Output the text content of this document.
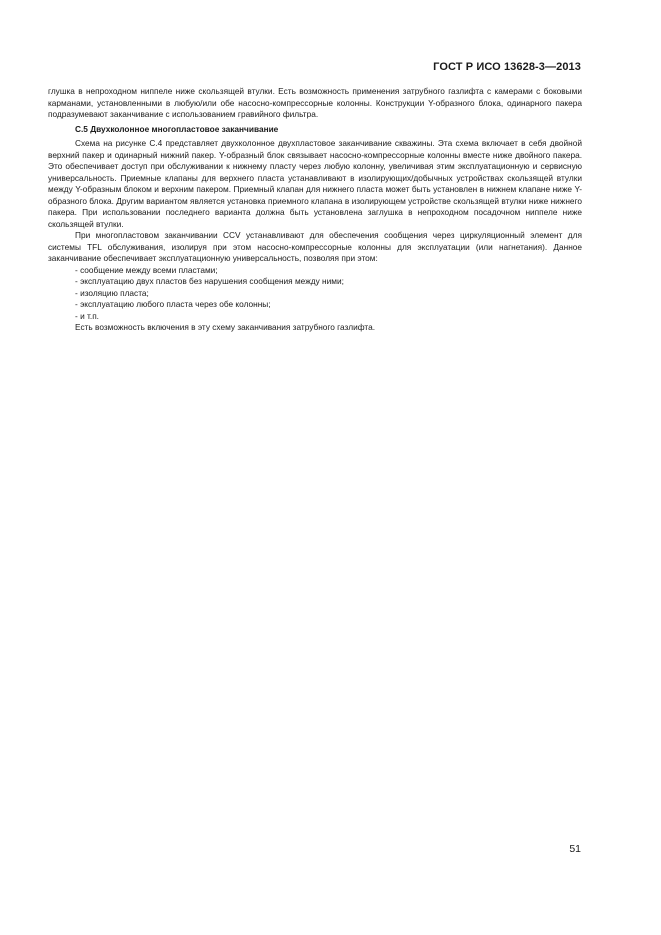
ГОСТ Р ИСО 13628-3—2013

глушка в непроходном ниппеле ниже скользящей втулки. Есть возможность применения затрубного газлифта с камерами с боковыми карманами, установленными в любую/или обе насосно-компрессорные колонны. Конструкции Y-образного блока, одинарного пакера подразумевают заканчивание с использованием гравийного фильтра.

С.5 Двухколонное многопластовое заканчивание

Схема на рисунке С.4 представляет двухколонное двухпластовое заканчивание скважины. Эта схема включает в себя двойной верхний пакер и одинарный нижний пакер. Y-образный блок связывает насосно-компрессорные колонны вместе ниже двойного пакера. Это обеспечивает доступ при обслуживании к нижнему пласту через любую колонну, увеличивая этим эксплуатационную и сервисную универсальность. Приемные клапаны для верхнего пласта устанавливают в изолирующих/добычных устройствах скользящей втулки между Y-образным блоком и верхним пакером. Приемный клапан для нижнего пласта может быть установлен в нижнем клапане ниже Y-образного блока. Другим вариантом является установка приемного клапана в изолирующем устройстве скользящей втулки ниже нижнего пакера. При использовании последнего варианта должна быть установлена заглушка в непроходном посадочном ниппеле ниже скользящей втулки.

При многопластовом заканчивании CCV устанавливают для обеспечения сообщения через циркуляционный элемент для системы TFL обслуживания, изолируя при этом насосно-компрессорные колонны для эксплуатации (или нагнетания). Данное заканчивание обеспечивает эксплуатационную универсальность, позволяя при этом:

- сообщение между всеми пластами;
- эксплуатацию двух пластов без нарушения сообщения между ними;
- изоляцию пласта;
- эксплуатацию любого пласта через обе колонны;
- и т.п.

Есть возможность включения в эту схему заканчивания затрубного газлифта.

51
